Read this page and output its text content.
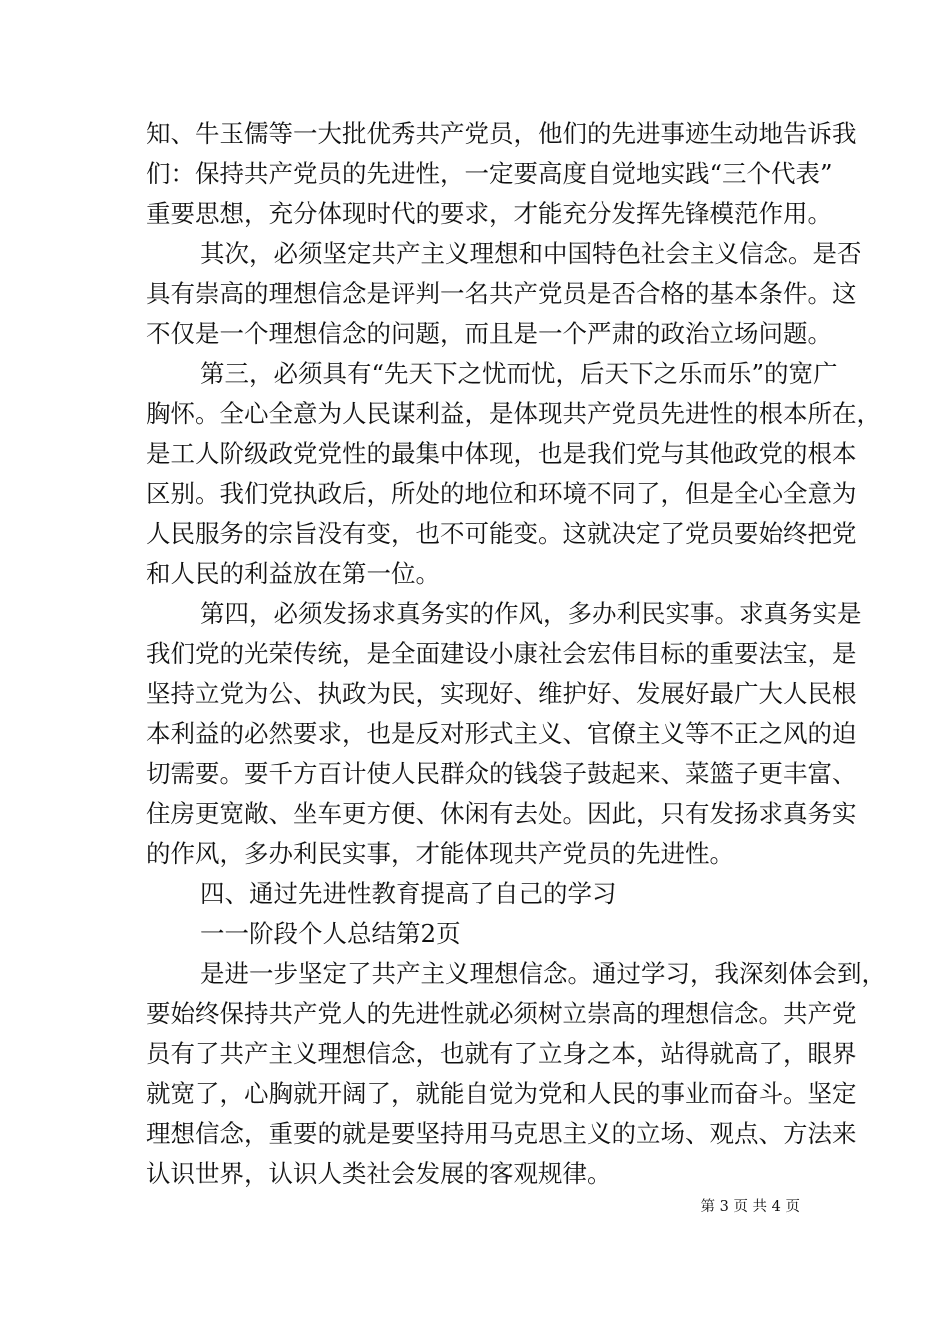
知、牛玉儒等一大批优秀共产党员，他们的先进事迹生动地告诉我
们：保持共产党员的先进性，一定要高度自觉地实践“三个代表”
重要思想，充分体现时代的要求，才能充分发挥先锋模范作用。
其次，必须坚定共产主义理想和中国特色社会主义信念。是否
具有崇高的理想信念是评判一名共产党员是否合格的基本条件。这
不仅是一个理想信念的问题，而且是一个严肃的政治立场问题。
第三，必须具有“先天下之忧而忧，后天下之乐而乐”的宽广
胸怀。全心全意为人民谋利益，是体现共产党员先进性的根本所在，
是工人阶级政党党性的最集中体现，也是我们党与其他政党的根本
区别。我们党执政后，所处的地位和环境不同了，但是全心全意为
人民服务的宗旨没有变，也不可能变。这就决定了党员要始终把党
和人民的利益放在第一位。
第四，必须发扬求真务实的作风，多办利民实事。求真务实是
我们党的光荣传统，是全面建设小康社会宏伟目标的重要法宝，是
坚持立党为公、执政为民，实现好、维护好、发展好最广大人民根
本利益的必然要求，也是反对形式主义、官僚主义等不正之风的迫
切需要。要千方百计使人民群众的钱袋子鼓起来、菜篮子更丰富、
住房更宽敞、坐车更方便、休闲有去处。因此，只有发扬求真务实
的作风，多办利民实事，才能体现共产党员的先进性。
四、通过先进性教育提高了自己的学习
一一阶段个人总结第2页
是进一步坚定了共产主义理想信念。通过学习，我深刻体会到，
要始终保持共产党人的先进性就必须树立崇高的理想信念。共产党
员有了共产主义理想信念，也就有了立身之本，站得就高了，眼界
就宽了，心胸就开阔了，就能自觉为党和人民的事业而奋斗。坚定
理想信念，重要的就是要坚持用马克思主义的立场、观点、方法来
认识世界，认识人类社会发展的客观规律。
第 3 页 共 4 页
